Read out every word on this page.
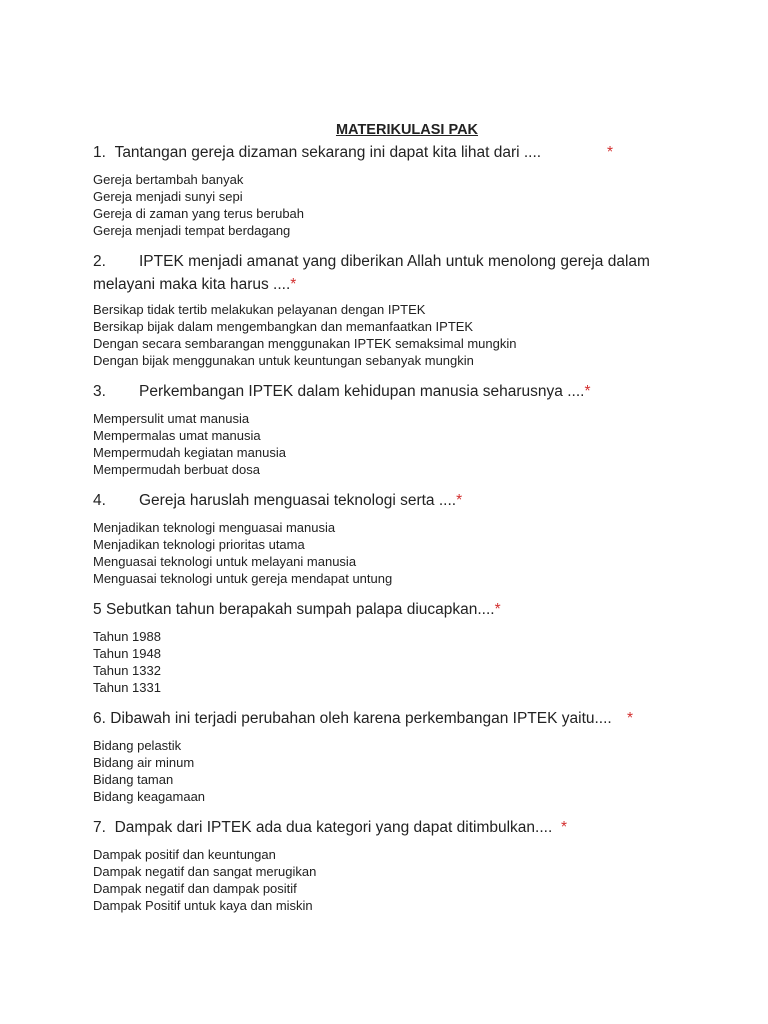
MATERIKULASI PAK
1. Tantangan gereja dizaman sekarang ini dapat kita lihat dari ....	*
Gereja bertambah banyak
Gereja menjadi sunyi sepi
Gereja di zaman yang terus berubah
Gereja menjadi tempat berdagang
2. IPTEK menjadi amanat yang diberikan Allah untuk menolong gereja dalam
melayani maka kita harus ....*
Bersikap tidak tertib melakukan pelayanan dengan IPTEK
Bersikap bijak dalam mengembangkan dan memanfaatkan IPTEK
Dengan secara sembarangan menggunakan IPTEK semaksimal mungkin
Dengan bijak menggunakan untuk keuntungan sebanyak mungkin
3. Perkembangan IPTEK dalam kehidupan manusia seharusnya ....*
Mempersulit umat manusia
Mempermalas umat manusia
Mempermudah kegiatan manusia
Mempermudah berbuat dosa
4. Gereja haruslah menguasai teknologi serta ....*
Menjadikan teknologi menguasai manusia
Menjadikan teknologi prioritas utama
Menguasai teknologi untuk melayani manusia
Menguasai teknologi untuk gereja mendapat untung
5 Sebutkan tahun berapakah sumpah palapa diucapkan....*
Tahun 1988
Tahun 1948
Tahun 1332
Tahun 1331
6. Dibawah ini terjadi perubahan oleh karena perkembangan IPTEK yaitu.... *
Bidang pelastik
Bidang air minum
Bidang taman
Bidang keagamaan
7. Dampak dari IPTEK ada dua kategori yang dapat ditimbulkan.... *
Dampak positif dan keuntungan
Dampak negatif dan sangat merugikan
Dampak negatif dan dampak positif
Dampak Positif untuk kaya dan miskin
